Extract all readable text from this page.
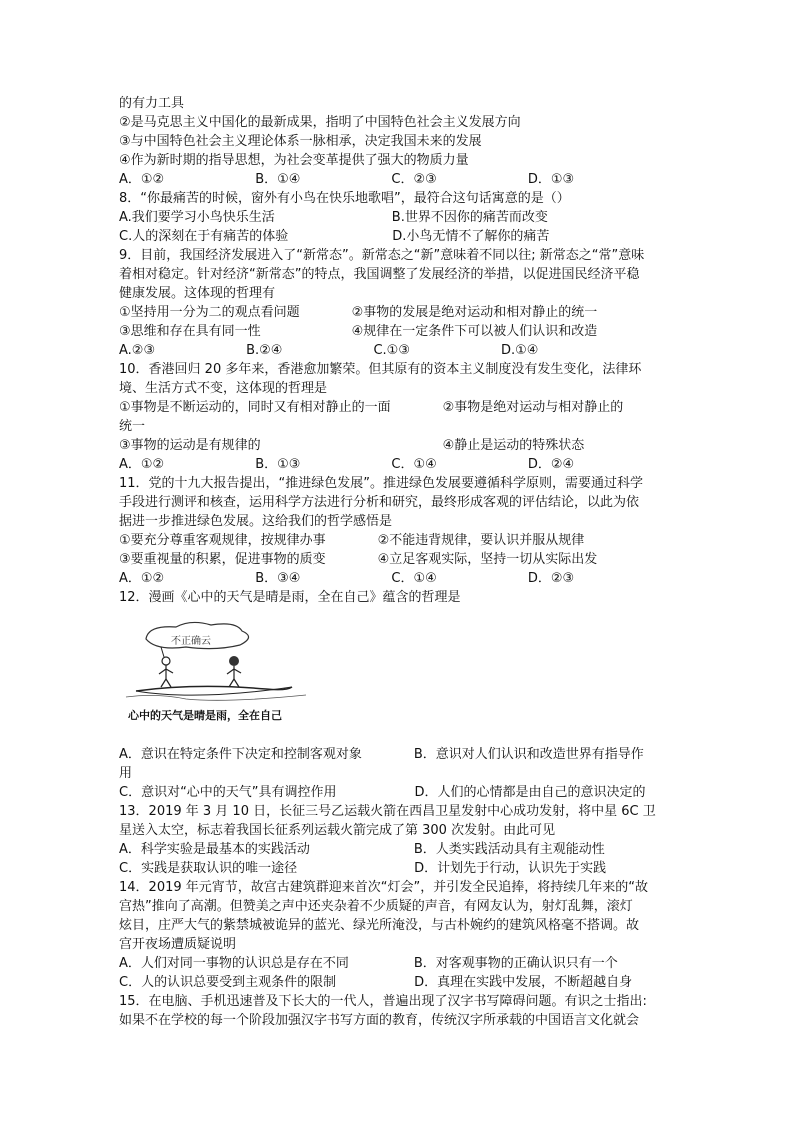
的有力工具
②是马克思主义中国化的最新成果，指明了中国特色社会主义发展方向
③与中国特色社会主义理论体系一脉相承，决定我国未来的发展
④作为新时期的指导思想，为社会变革提供了强大的物质力量
A．①②　　　　　　　B．①④　　　　　　　C．②③　　　　　　　D．①③
8．“你最痛苦的时候，窗外有小鸟在快乐地歌唱”，最符合这句话寓意的是（）
A.我们要学习小鸟快乐生活　　　　　　　　　B.世界不因你的痛苦而改变
C.人的深刻在于有痛苦的体验　　　　　　　　D.小鸟无情不了解你的痛苦
9．目前，我国经济发展进入了“新常态”。新常态之“新”意味着不同以往; 新常态之“常”意味
着相对稳定。针对经济“新常态”的特点，我国调整了发展经济的举措，以促进国民经济平稳
健康发展。这体现的哲理有
①坚持用一分为二的观点看问题　　　　②事物的发展是绝对运动和相对静止的统一
③思维和存在具有同一性　　　　　　　④规律在一定条件下可以被人们认识和改造
A.②③　　　　　　　B.②④　　　　　　　C.①③　　　　　　　D.①④
10．香港回归 20 多年来，香港愈加繁荣。但其原有的资本主义制度没有发生变化，法律环
境、生活方式不变，这体现的哲理是
①事物是不断运动的，同时又有相对静止的一面　　　　②事物是绝对运动与相对静止的
统一
③事物的运动是有规律的　　　　　　　　　　　　　　④静止是运动的特殊状态
A．①②　　　　　　　B．①③　　　　　　　C．①④　　　　　　　D．②④
11．党的十九大报告提出，“推进绿色发展”。推进绿色发展要遵循科学原则，需要通过科学
手段进行测评和核查，运用科学方法进行分析和研究，最终形成客观的评估结论，以此为依
据进一步推进绿色发展。这给我们的哲学感悟是
①要充分尊重客观规律，按规律办事　　　　②不能违背规律，要认识并服从规律
③要重视量的积累，促进事物的质变　　　　④立足客观实际，坚持一切从实际出发
A．①②　　　　　　　B．③④　　　　　　　C．①④　　　　　　　D．②③
12．漫画《心中的天气是晴是雨，全在自己》蕴含的哲理是
不正确云
心中的天气是晴是雨，全在自己
A．意识在特定条件下决定和控制客观对象　　　　B．意识对人们认识和改造世界有指导作
用
C．意识对“心中的天气”具有调控作用　　　　　　D．人们的心情都是由自己的意识决定的
13．2019 年 3 月 10 日，长征三号乙运载火箭在西昌卫星发射中心成功发射，将中星 6C 卫
星送入太空，标志着我国长征系列运载火箭完成了第 300 次发射。由此可见
A．科学实验是最基本的实践活动　　　　　　　　B．人类实践活动具有主观能动性
C．实践是获取认识的唯一途径　　　　　　　　　D．计划先于行动，认识先于实践
14．2019 年元宵节，故宫古建筑群迎来首次“灯会”，并引发全民追捧，将持续几年来的“故
宫热”推向了高潮。但赞美之声中还夹杂着不少质疑的声音，有网友认为，射灯乱舞，滚灯
炫目，庄严大气的紫禁城被诡异的蓝光、绿光所淹没，与古朴婉约的建筑风格毫不搭调。故
宫开夜场遭质疑说明
A．人们对同一事物的认识总是存在不同　　　　　B．对客观事物的正确认识只有一个
C．人的认识总要受到主观条件的限制　　　　　　D．真理在实践中发展，不断超越自身
15．在电脑、手机迅速普及下长大的一代人，普遍出现了汉字书写障碍问题。有识之士指出:
如果不在学校的每一个阶段加强汉字书写方面的教育，传统汉字所承载的中国语言文化就会
